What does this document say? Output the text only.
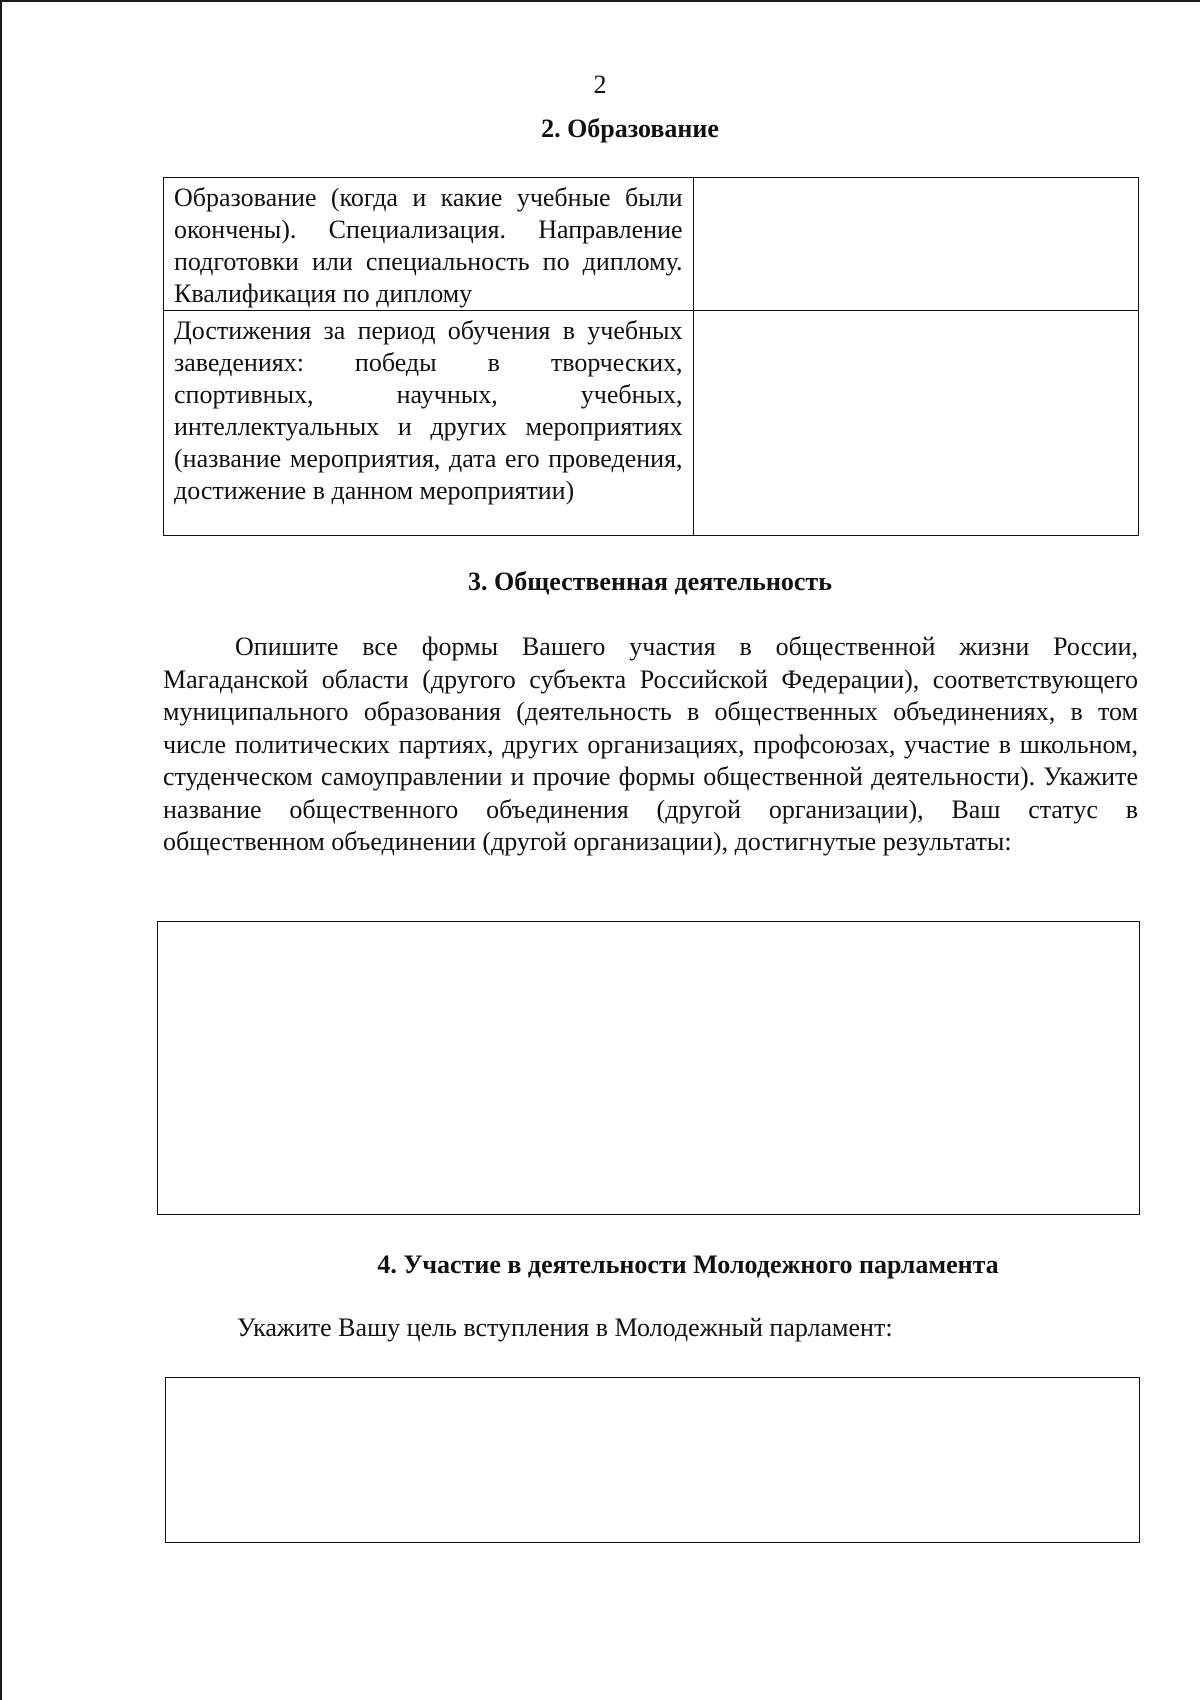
2
2. Образование
Образование (когда и какие учебные были окончены). Специализация. Направление подготовки или специальность по диплому. Квалификация по диплому	
Достижения за период обучения в учебных заведениях: победы в творческих, спортивных, научных, учебных, интеллектуальных и других мероприятиях (название мероприятия, дата его проведения, достижение в данном мероприятии)	
3. Общественная деятельность
Опишите все формы Вашего участия в общественной жизни России, Магаданской области (другого субъекта Российской Федерации), соответствующего муниципального образования (деятельность в общественных объединениях, в том числе политических партиях, других организациях, профсоюзах, участие в школьном, студенческом самоуправлении и прочие формы общественной деятельности). Укажите название общественного объединения (другой организации), Ваш статус в общественном объединении (другой организации), достигнутые результаты:
4. Участие в деятельности Молодежного парламента
Укажите Вашу цель вступления в Молодежный парламент:
